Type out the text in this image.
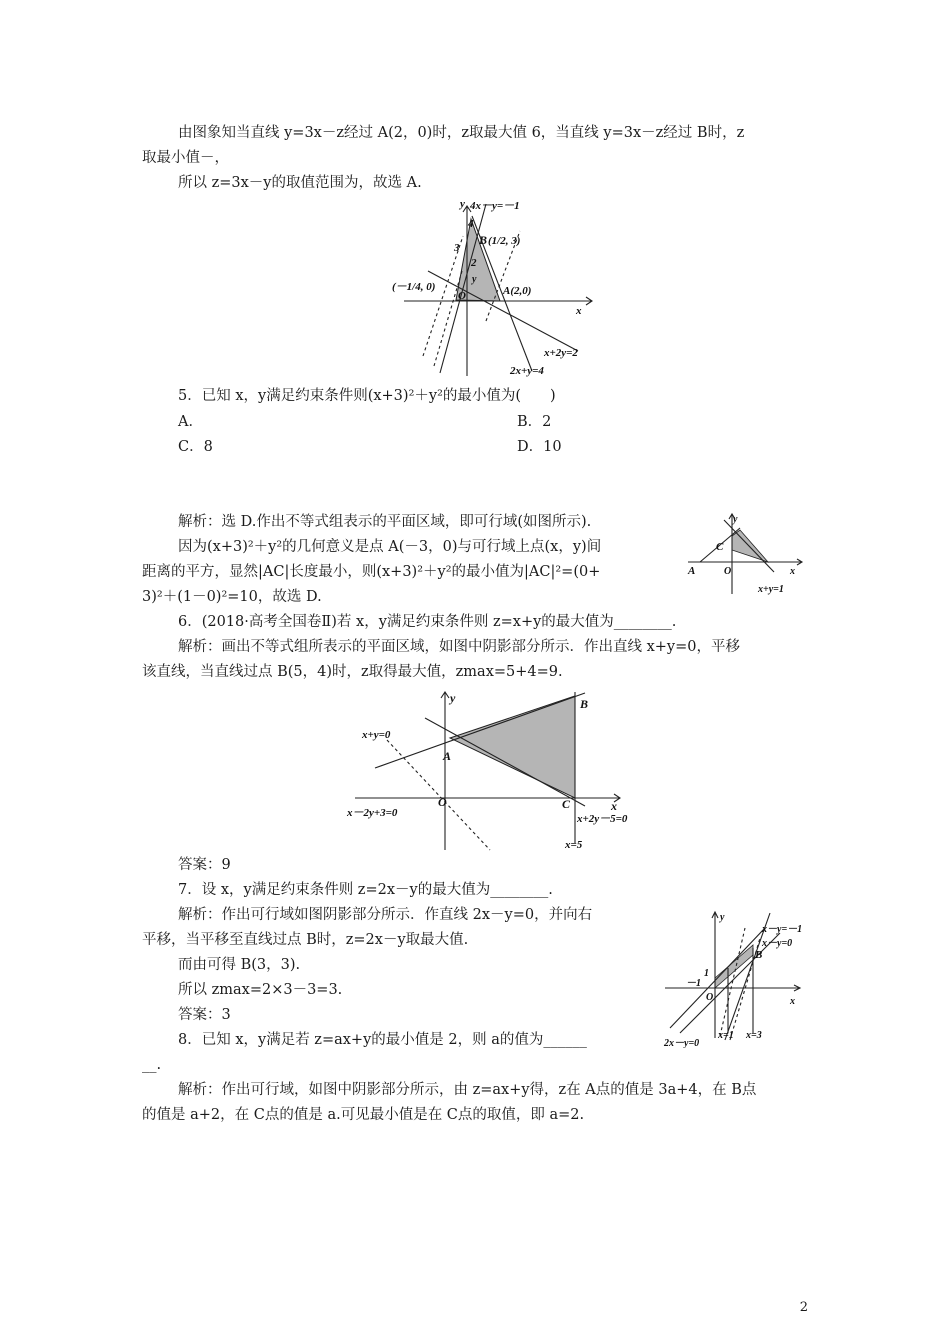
由图象知当直线 y=3x－z经过 A(2，0)时，z取最大值 6，当直线 y=3x－z经过 B时，z
取最小值－，
所以 z=3x－y的取值范围为，故选 A.
4x－y=－1
y
4
3
B (1/2, 3)
2
y
(－1/4, 0)
O	A(2,0)
x
x+2y=2
2x+y=4
5．已知 x，y满足约束条件则(x+3)²＋y²的最小值为(　　)
A．	B．2
C．8	D．10
解析：选 D.作出不等式组表示的平面区域，即可行域(如图所示).
因为(x+3)²＋y²的几何意义是点 A(－3，0)与可行域上点(x，y)间
距离的平方，显然|AC|长度最小，则(x+3)²＋y²的最小值为|AC|²=(0+
3)²＋(1－0)²=10，故选 D.
y
C
A	O	x
x+y=1
6．(2018·高考全国卷Ⅱ)若 x，y满足约束条件则 z=x+y的最大值为________.
解析：画出不等式组所表示的平面区域，如图中阴影部分所示．作出直线 x+y=0，平移
该直线，当直线过点 B(5，4)时，z取得最大值，zmax=5+4=9.
y	B
A
x+y=0
x－2y+3=0
O	C	x
x+2y－5=0
x=5
答案：9
7．设 x，y满足约束条件则 z=2x－y的最大值为________.
解析：作出可行域如图阴影部分所示．作直线 2x－y=0，并向右
平移，当平移至直线过点 B时，z=2x－y取最大值.
而由可得 B(3，3).
所以 zmax=2×3－3=3.
答案：3
y
x－y=－1
x－y=0
B
－1
1
O	x
2x－y=0
x=1 x=3
8．已知 x，y满足若 z=ax+y的最小值是 2，则 a的值为______
__.
解析：作出可行域，如图中阴影部分所示，由 z=ax+y得，z在 A点的值是 3a+4，在 B点
的值是 a+2，在 C点的值是 a.可见最小值是在 C点的取值，即 a=2.
2
